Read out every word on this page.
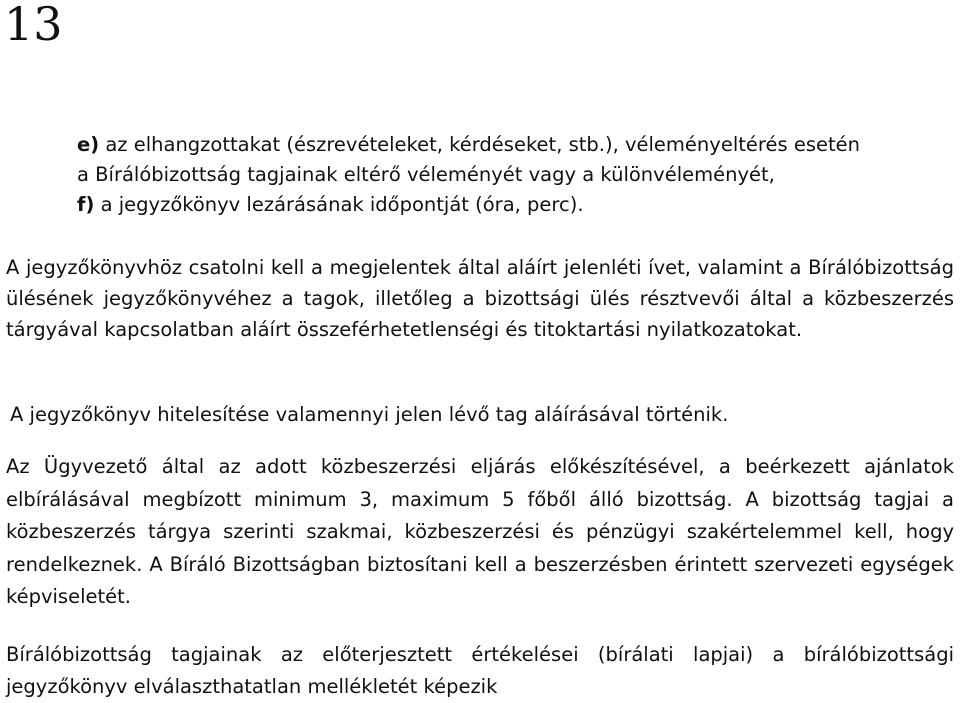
13
e) az elhangzottakat (észrevételeket, kérdéseket, stb.), véleményeltérés esetén
a Bírálóbizottság tagjainak eltérő véleményét vagy a különvéleményét,
f) a jegyzőkönyv lezárásának időpontját (óra, perc).
A jegyzőkönyvhöz csatolni kell a megjelentek által aláírt jelenléti ívet, valamint a Bírálóbizottság ülésének jegyzőkönyvéhez a tagok, illetőleg a bizottsági ülés résztvevői által a közbeszerzés tárgyával kapcsolatban aláírt összeférhetetlenségi és titoktartási nyilatkozatokat.
A jegyzőkönyv hitelesítése valamennyi jelen lévő tag aláírásával történik.
Az Ügyvezető által az adott közbeszerzési eljárás előkészítésével, a beérkezett ajánlatok elbírálásával megbízott minimum 3, maximum 5 főből álló bizottság. A bizottság tagjai a közbeszerzés tárgya szerinti szakmai, közbeszerzési és pénzügyi szakértelemmel kell, hogy rendelkeznek. A Bíráló Bizottságban biztosítani kell a beszerzésben érintett szervezeti egységek képviseletét.
Bírálóbizottság tagjainak az előterjesztett értékelései (bírálati lapjai) a bírálóbizottsági jegyzőkönyv elválaszthatatlan mellékletét képezik
